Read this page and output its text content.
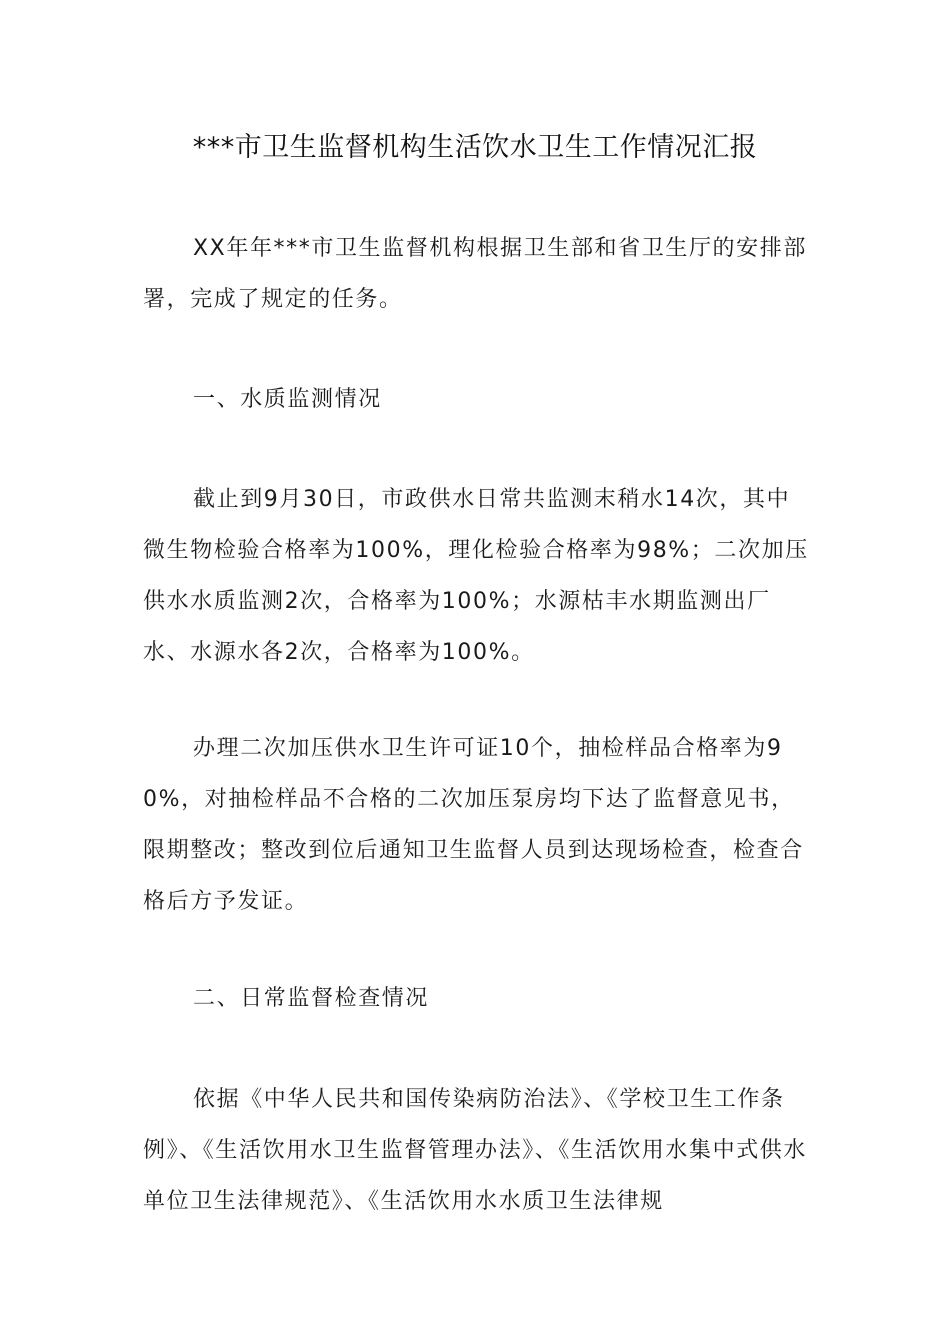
***市卫生监督机构生活饮水卫生工作情况汇报

XX年年***市卫生监督机构根据卫生部和省卫生厅的安排部署，完成了规定的任务。

一、水质监测情况

截止到9月30日，市政供水日常共监测末稍水14次，其中微生物检验合格率为100%，理化检验合格率为98%；二次加压供水水质监测2次，合格率为100%；水源枯丰水期监测出厂水、水源水各2次，合格率为100%。

办理二次加压供水卫生许可证10个，抽检样品合格率为90%，对抽检样品不合格的二次加压泵房均下达了监督意见书，限期整改；整改到位后通知卫生监督人员到达现场检查，检查合格后方予发证。

二、日常监督检查情况

依据《中华人民共和国传染病防治法》、《学校卫生工作条例》、《生活饮用水卫生监督管理办法》、《生活饮用水集中式供水单位卫生法律规范》、《生活饮用水水质卫生法律规
